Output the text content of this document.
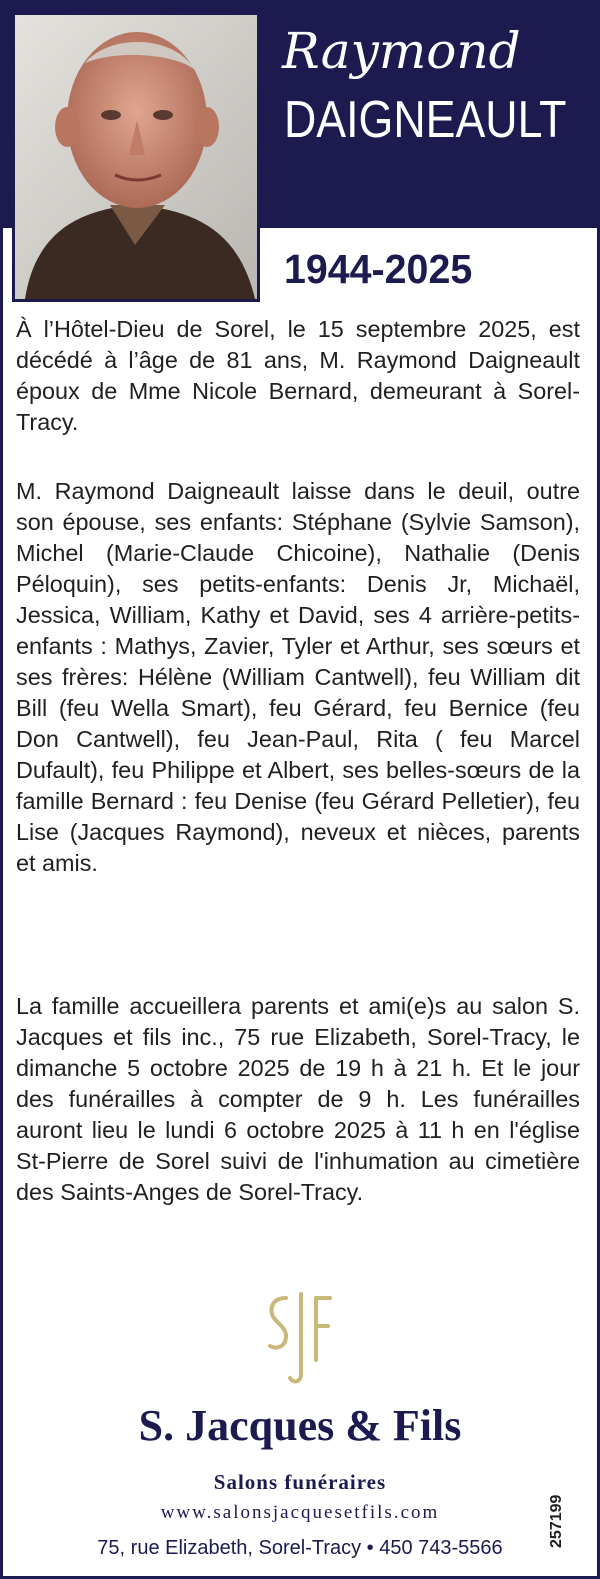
Raymond
DAIGNEAULT
1944-2025

À l’Hôtel-Dieu de Sorel, le 15 septembre 2025, est décédé à l’âge de 81 ans, M. Raymond Daigneault époux de Mme Nicole Bernard, demeurant à Sorel-Tracy.

M. Raymond Daigneault laisse dans le deuil, outre son épouse, ses enfants: Stéphane (Sylvie Samson), Michel (Marie-Claude Chicoine), Nathalie (Denis Péloquin), ses petits-enfants: Denis Jr, Michaël, Jessica, William, Kathy et David, ses 4 arrière-petits-enfants : Mathys, Zavier, Tyler et Arthur, ses sœurs et ses frères: Hélène (William Cantwell), feu William dit Bill (feu Wella Smart), feu Gérard, feu Bernice (feu Don Cantwell), feu Jean-Paul, Rita ( feu Marcel Dufault), feu Philippe et Albert, ses belles-sœurs de la famille Bernard : feu Denise (feu Gérard Pelletier), feu Lise (Jacques Raymond), neveux et nièces, parents et amis.

La famille accueillera parents et ami(e)s au salon S. Jacques et fils inc., 75 rue Elizabeth, Sorel-Tracy, le dimanche 5 octobre 2025 de 19 h à 21 h. Et le jour des funérailles à compter de 9 h. Les funérailles auront lieu le lundi 6 octobre 2025 à 11 h en l'église St-Pierre de Sorel suivi de l'inhumation au cimetière des Saints-Anges de Sorel-Tracy.

S. Jacques & Fils
Salons funéraires
www.salonsjacquesetfils.com
75, rue Elizabeth, Sorel-Tracy • 450 743-5566	257199
